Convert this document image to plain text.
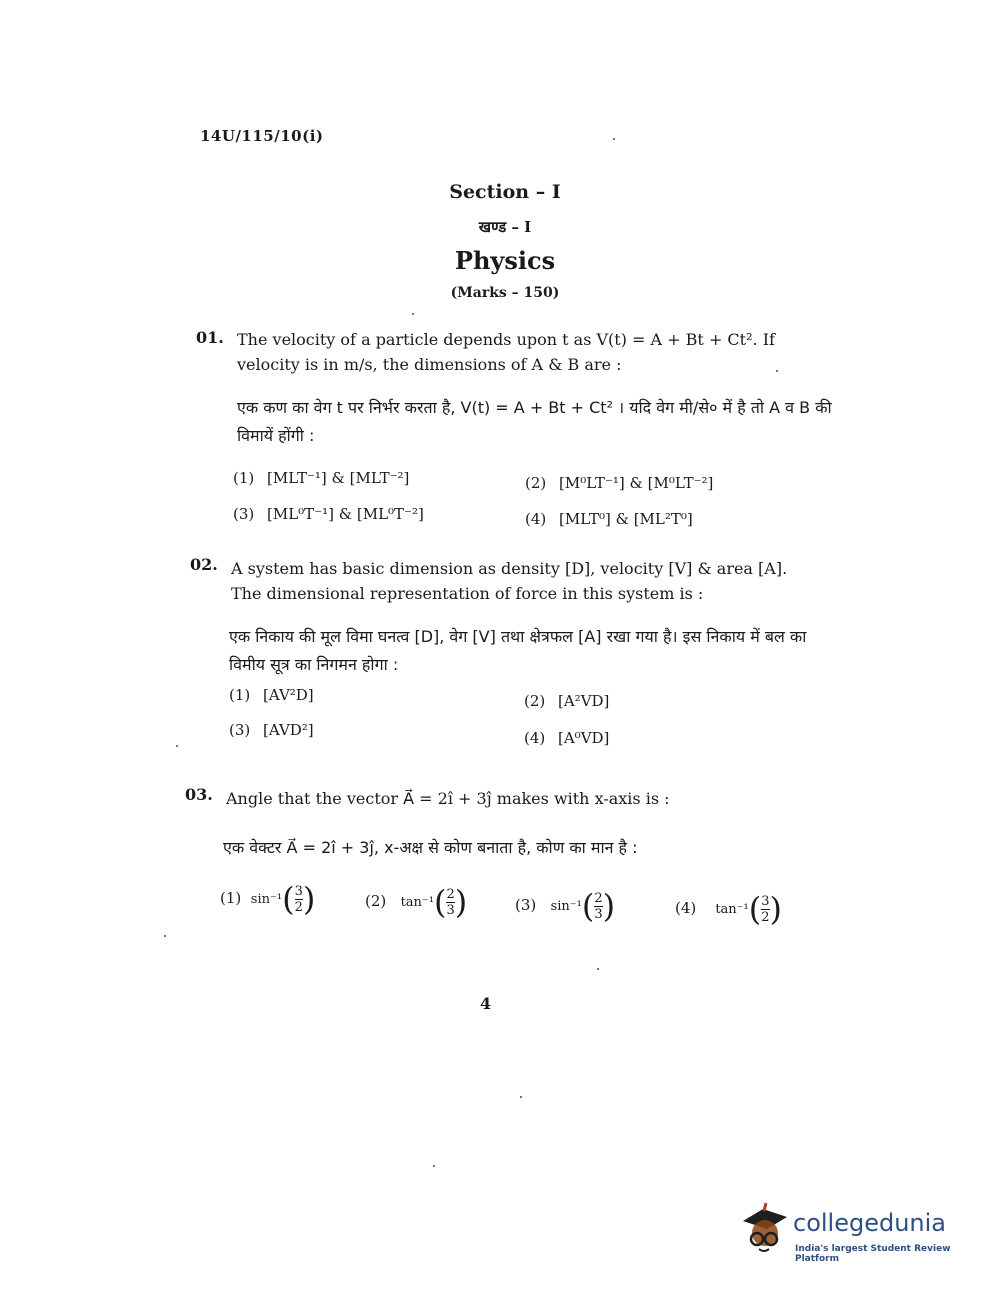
14U/115/10(i)
Section – I
खण्ड – I
Physics
(Marks – 150)
01. The velocity of a particle depends upon t as V(t) = A + Bt + Ct². If velocity is in m/s, the dimensions of A & B are :
एक कण का वेग t पर निर्भर करता है, V(t) = A + Bt + Ct² । यदि वेग मी/से० में है तो A व B की विमायें होंगी :
(1) [MLT⁻¹] & [MLT⁻²]	(2) [M⁰LT⁻¹] & [M⁰LT⁻²]
(3) [ML⁰T⁻¹] & [ML⁰T⁻²]	(4) [MLT⁰] & [ML²T⁰]
02. A system has basic dimension as density [D], velocity [V] & area [A]. The dimensional representation of force in this system is :
एक निकाय की मूल विमा घनत्व [D], वेग [V] तथा क्षेत्रफल [A] रखा गया है। इस निकाय में बल का विमीय सूत्र का निगमन होगा :
(1) [AV²D]	(2) [A²VD]
(3) [AVD²]	(4) [A⁰VD]
03. Angle that the vector A⃗ = 2î + 3ĵ makes with x-axis is :
एक वेक्टर A⃗ = 2î + 3ĵ, x-अक्ष से कोण बनाता है, कोण का मान है :
(1) $\sin^{-1}( \frac{3}{2}$ )	(2) $\tan^{-1}( \frac{2}{3}$ )	(3) $\sin^{-1}( \frac{2}{3}$ )	(4) $\tan^{-1}( \frac{3}{2}$ )
4
collegedunia
India's largest Student Review Platform
